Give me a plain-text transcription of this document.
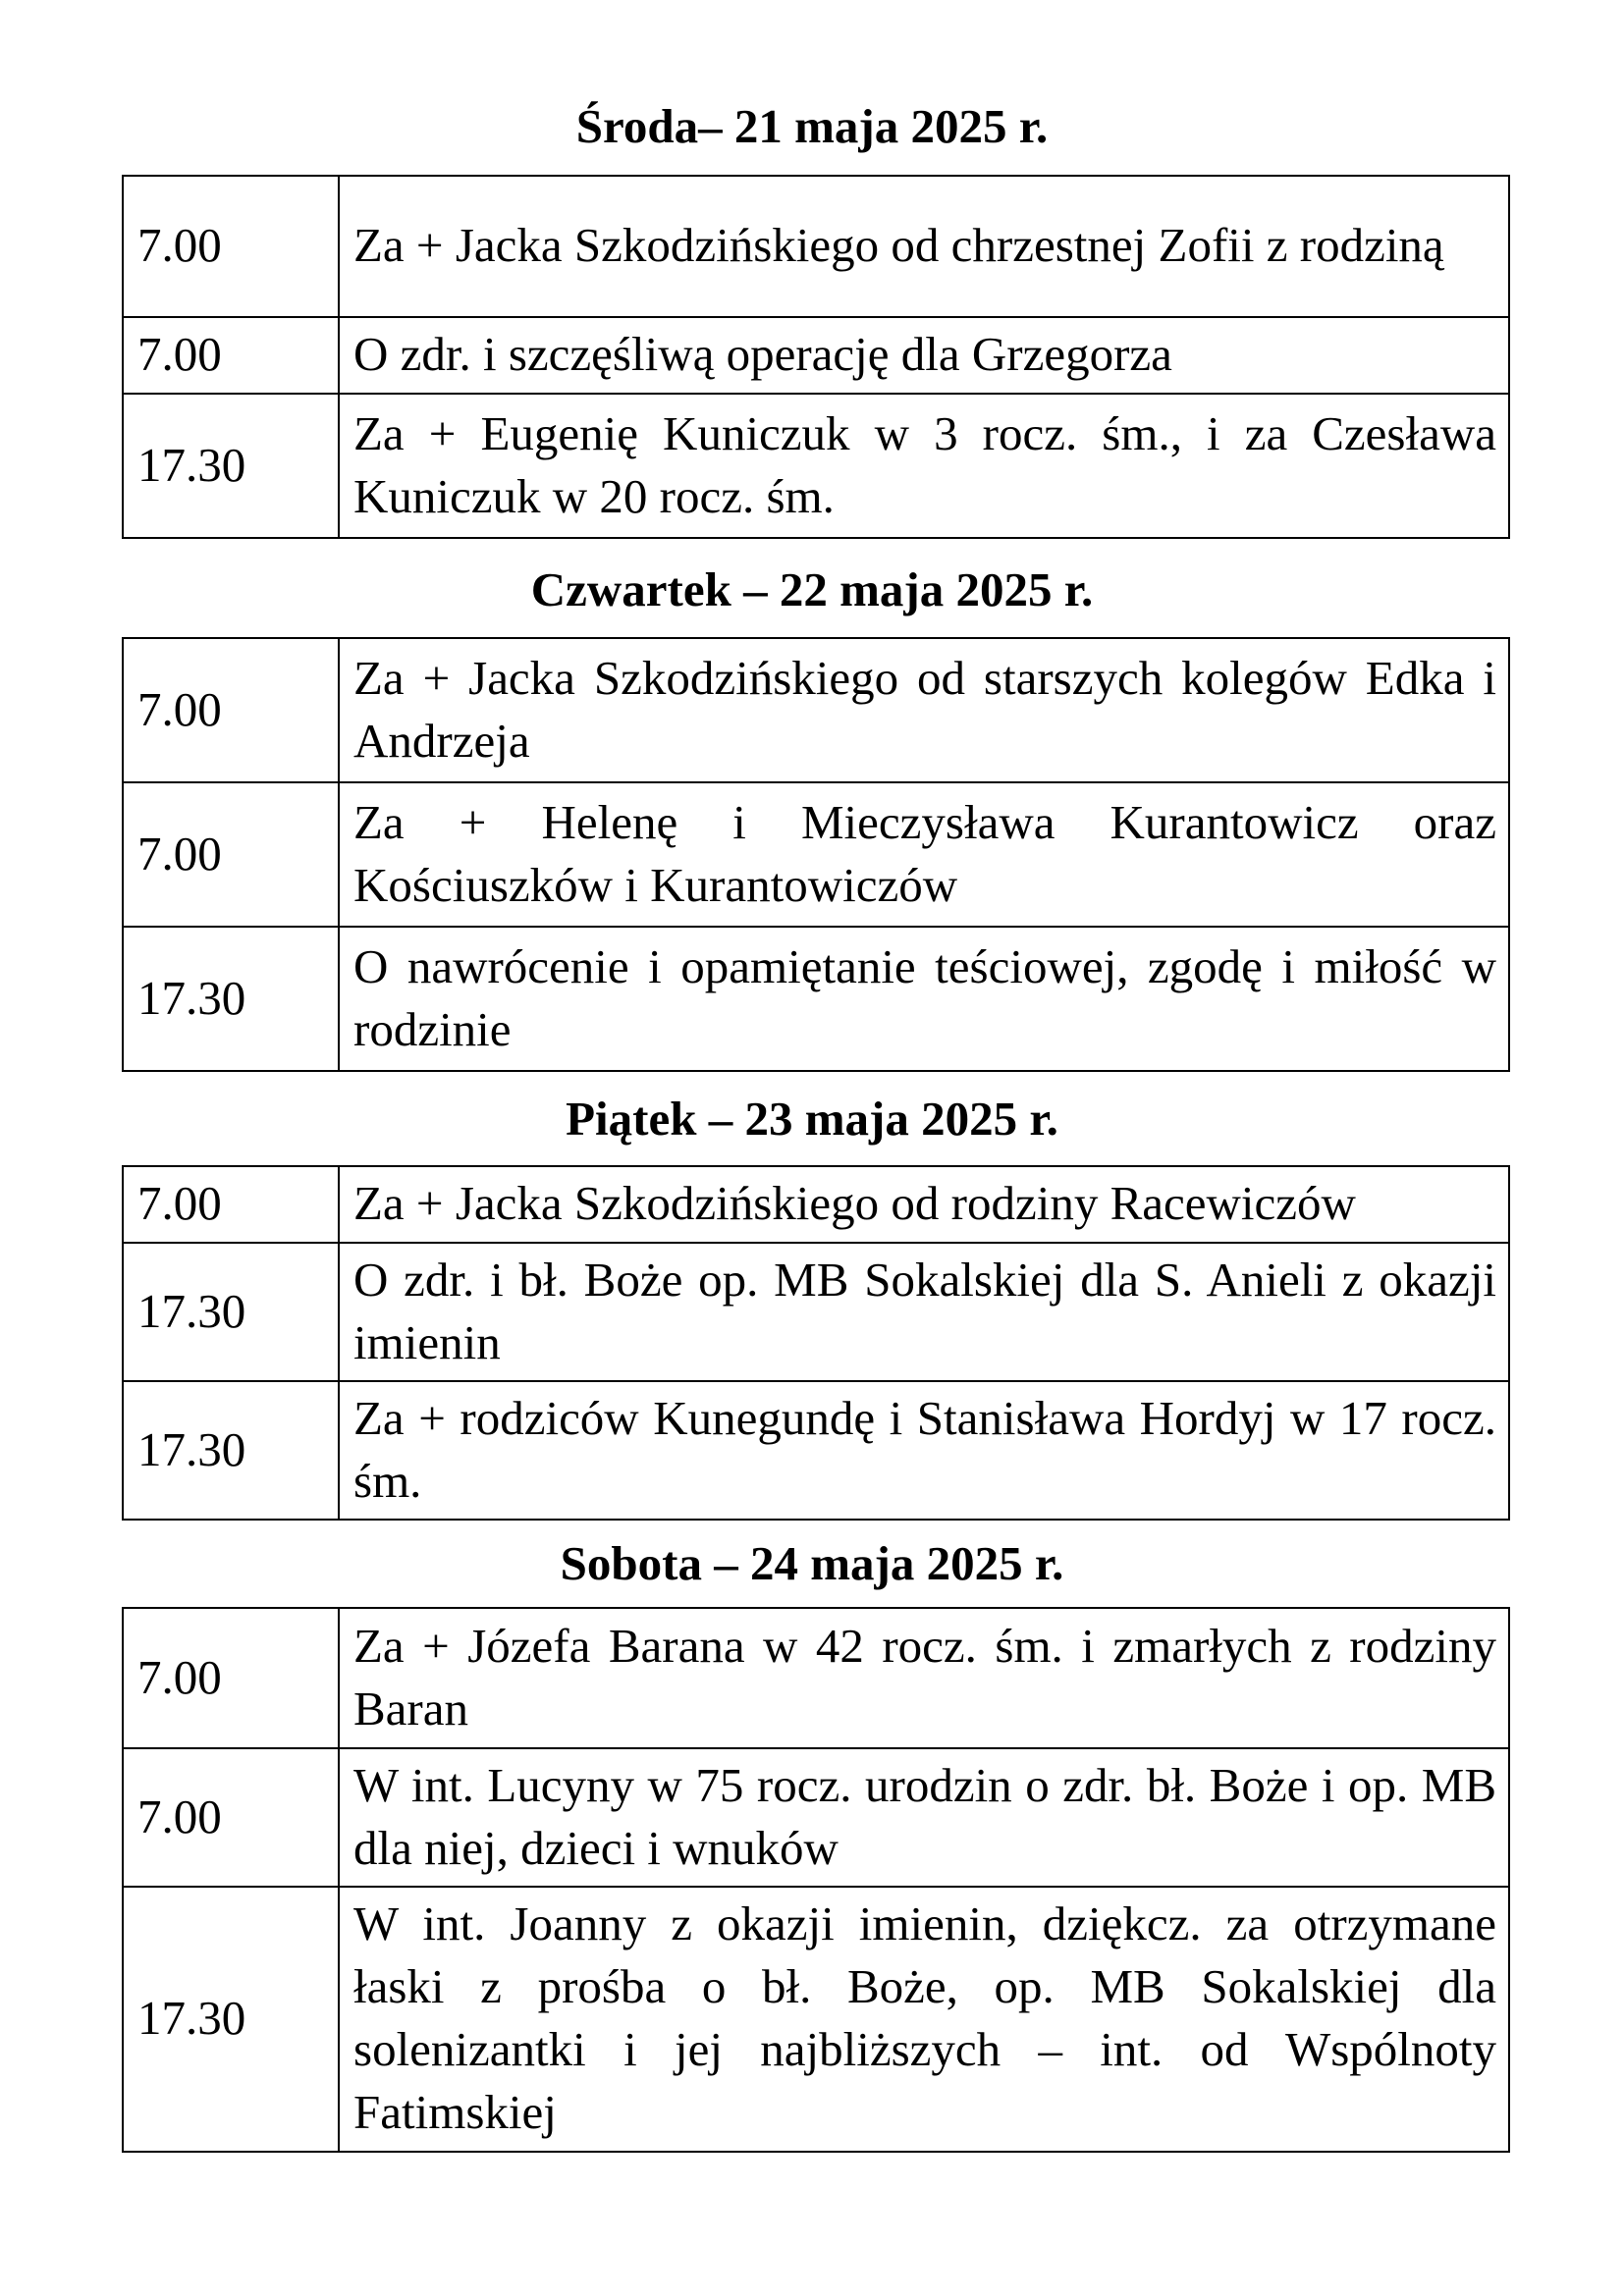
Środa– 21 maja 2025 r.
7.00	Za + Jacka Szkodzińskiego od chrzestnej Zofii z rodziną
7.00	O zdr. i szczęśliwą operację dla Grzegorza
17.30	Za + Eugenię Kuniczuk w 3 rocz. śm., i za Czesława Kuniczuk w 20 rocz. śm.
Czwartek – 22 maja 2025 r.
7.00	Za + Jacka Szkodzińskiego od starszych kolegów Edka i Andrzeja
7.00	Za + Helenę i Mieczysława Kurantowicz oraz Kościuszków i Kurantowiczów
17.30	O nawrócenie i opamiętanie teściowej, zgodę i miłość w rodzinie
Piątek – 23 maja 2025 r.
7.00	Za + Jacka Szkodzińskiego od rodziny Racewiczów
17.30	O zdr. i bł. Boże op. MB Sokalskiej dla S. Anieli z okazji imienin
17.30	Za + rodziców Kunegundę i Stanisława Hordyj w 17 rocz. śm.
Sobota – 24 maja 2025 r.
7.00	Za + Józefa Barana w 42 rocz. śm. i zmarłych z rodziny Baran
7.00	W int. Lucyny w 75 rocz. urodzin o zdr. bł. Boże i op. MB dla niej, dzieci i wnuków
17.30	W int. Joanny z okazji imienin, dziękcz. za otrzymane łaski z prośba o bł. Boże, op. MB Sokalskiej dla solenizantki i jej najbliższych – int. od Wspólnoty Fatimskiej
